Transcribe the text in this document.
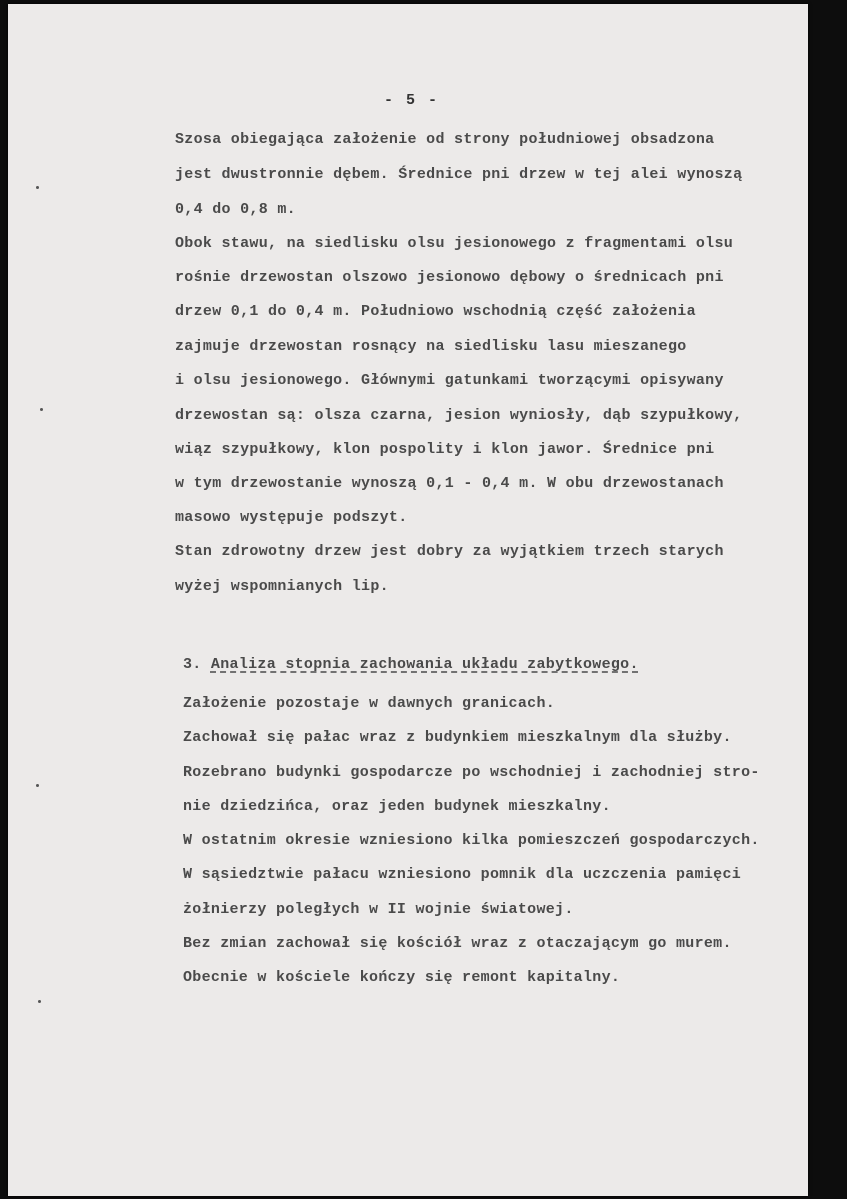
- 5 -
Szosa obiegająca założenie od strony południowej obsadzona
jest dwustronnie dębem. Średnice pni drzew w tej alei wynoszą
0,4 do 0,8 m.
Obok stawu, na siedlisku olsu jesionowego z fragmentami olsu
rośnie drzewostan olszowo jesionowo dębowy o średnicach pni
drzew 0,1 do 0,4 m. Południowo wschodnią część założenia
zajmuje drzewostan rosnący na siedlisku lasu mieszanego
i olsu jesionowego. Głównymi gatunkami tworzącymi opisywany
drzewostan są: olsza czarna, jesion wyniosły, dąb szypułkowy,
wiąz szypułkowy, klon pospolity i klon jawor. Średnice pni
w tym drzewostanie wynoszą 0,1 - 0,4 m. W obu drzewostanach
masowo występuje podszyt.
Stan zdrowotny drzew jest dobry za wyjątkiem trzech starych
wyżej wspomnianych lip.
3. Analiza stopnia zachowania układu zabytkowego.
Założenie pozostaje w dawnych granicach.
Zachował się pałac wraz z budynkiem mieszkalnym dla służby.
Rozebrano budynki gospodarcze po wschodniej i zachodniej stro-
nie dziedzińca, oraz jeden budynek mieszkalny.
W ostatnim okresie wzniesiono kilka pomieszczeń gospodarczych.
W sąsiedztwie pałacu wzniesiono pomnik dla uczczenia pamięci
żołnierzy poległych w II wojnie światowej.
Bez zmian zachował się kościół wraz z otaczającym go murem.
Obecnie w kościele kończy się remont kapitalny.
